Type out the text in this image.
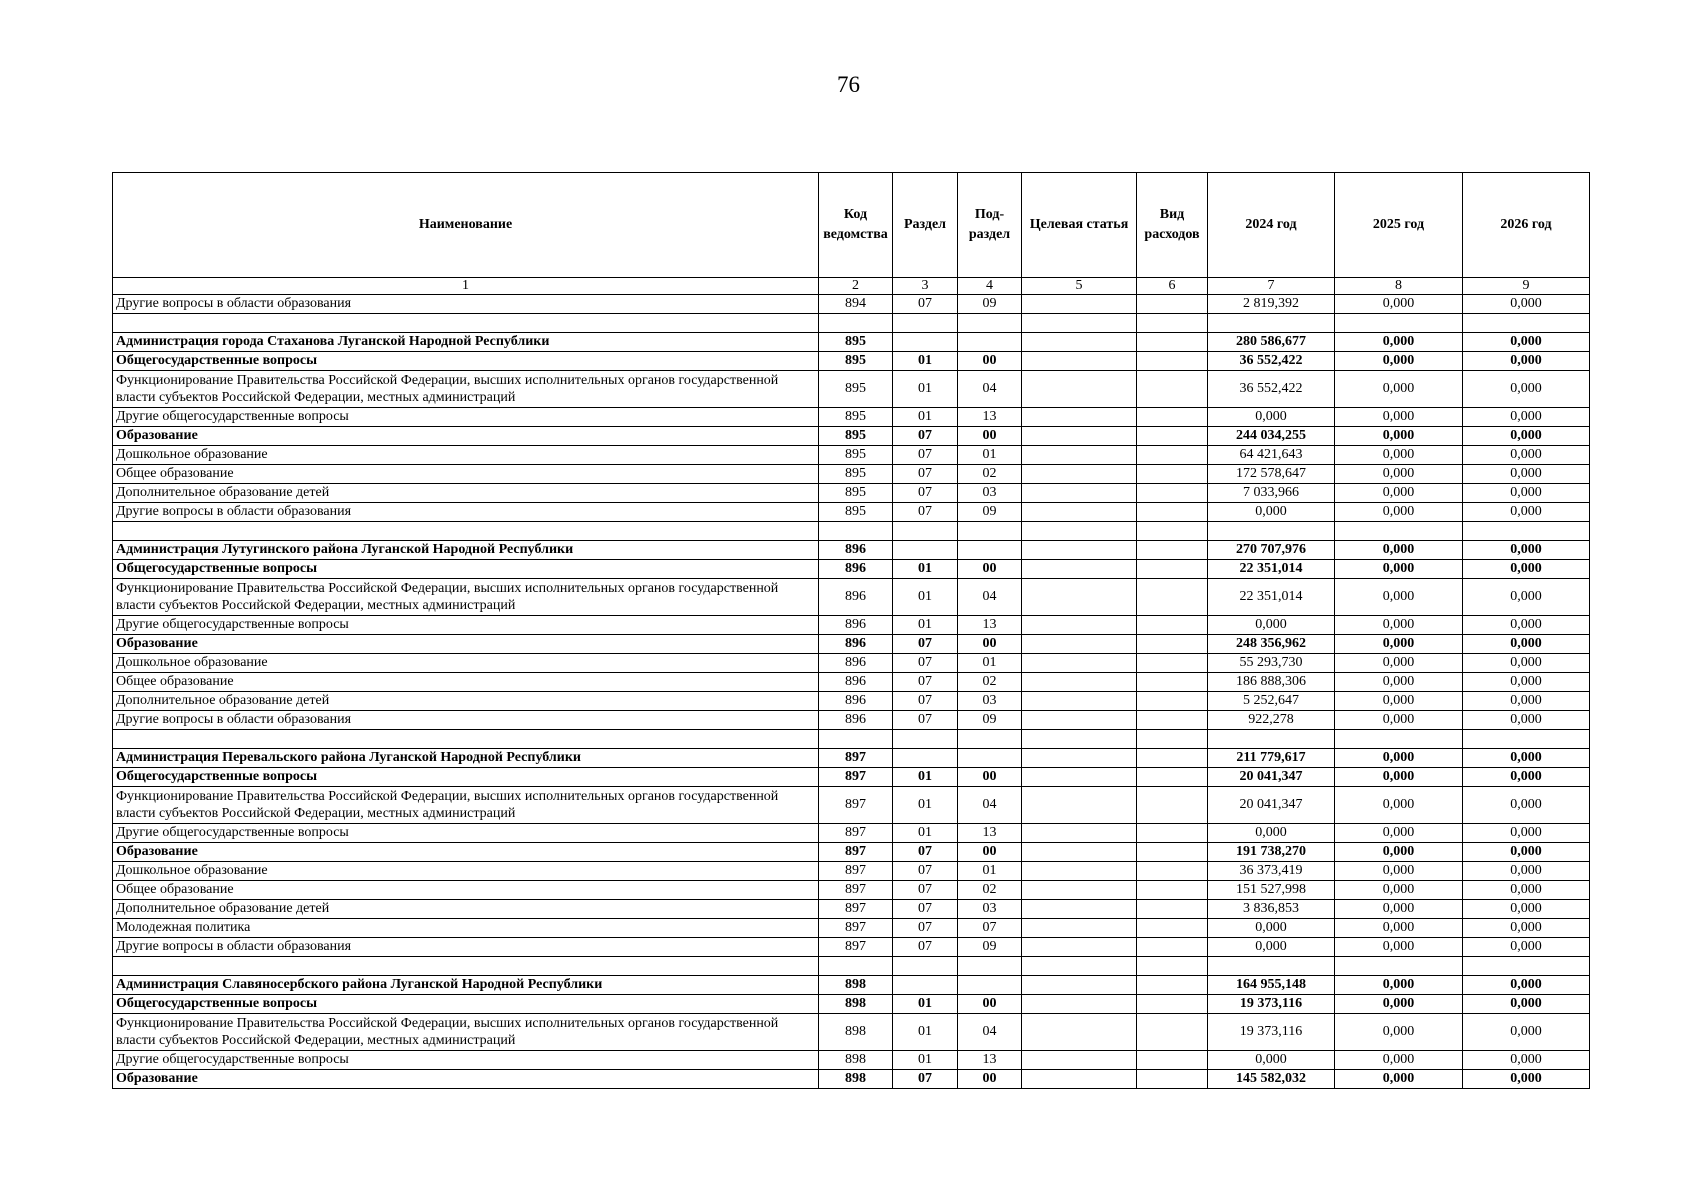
76
Наименование	Код ведомства	Раздел	Под-раздел	Целевая статья	Вид расходов	2024 год	2025 год	2026 год
1	2	3	4	5	6	7	8	9
Другие вопросы в области образования	894	07	09			2 819,392	0,000	0,000

Администрация города Стаханова Луганской Народной Республики	895					280 586,677	0,000	0,000
Общегосударственные вопросы	895	01	00			36 552,422	0,000	0,000
Функционирование Правительства Российской Федерации, высших исполнительных органов государственной власти субъектов Российской Федерации, местных администраций	895	01	04			36 552,422	0,000	0,000
Другие общегосударственные вопросы	895	01	13			0,000	0,000	0,000
Образование	895	07	00			244 034,255	0,000	0,000
Дошкольное образование	895	07	01			64 421,643	0,000	0,000
Общее образование	895	07	02			172 578,647	0,000	0,000
Дополнительное образование детей	895	07	03			7 033,966	0,000	0,000
Другие вопросы в области образования	895	07	09			0,000	0,000	0,000

Администрация Лутугинского района Луганской Народной Республики	896					270 707,976	0,000	0,000
Общегосударственные вопросы	896	01	00			22 351,014	0,000	0,000
Функционирование Правительства Российской Федерации, высших исполнительных органов государственной власти субъектов Российской Федерации, местных администраций	896	01	04			22 351,014	0,000	0,000
Другие общегосударственные вопросы	896	01	13			0,000	0,000	0,000
Образование	896	07	00			248 356,962	0,000	0,000
Дошкольное образование	896	07	01			55 293,730	0,000	0,000
Общее образование	896	07	02			186 888,306	0,000	0,000
Дополнительное образование детей	896	07	03			5 252,647	0,000	0,000
Другие вопросы в области образования	896	07	09			922,278	0,000	0,000

Администрация Перевальского района Луганской Народной Республики	897					211 779,617	0,000	0,000
Общегосударственные вопросы	897	01	00			20 041,347	0,000	0,000
Функционирование Правительства Российской Федерации, высших исполнительных органов государственной власти субъектов Российской Федерации, местных администраций	897	01	04			20 041,347	0,000	0,000
Другие общегосударственные вопросы	897	01	13			0,000	0,000	0,000
Образование	897	07	00			191 738,270	0,000	0,000
Дошкольное образование	897	07	01			36 373,419	0,000	0,000
Общее образование	897	07	02			151 527,998	0,000	0,000
Дополнительное образование детей	897	07	03			3 836,853	0,000	0,000
Молодежная политика	897	07	07			0,000	0,000	0,000
Другие вопросы в области образования	897	07	09			0,000	0,000	0,000

Администрация Славяносербского района Луганской Народной Республики	898					164 955,148	0,000	0,000
Общегосударственные вопросы	898	01	00			19 373,116	0,000	0,000
Функционирование Правительства Российской Федерации, высших исполнительных органов государственной власти субъектов Российской Федерации, местных администраций	898	01	04			19 373,116	0,000	0,000
Другие общегосударственные вопросы	898	01	13			0,000	0,000	0,000
Образование	898	07	00			145 582,032	0,000	0,000
